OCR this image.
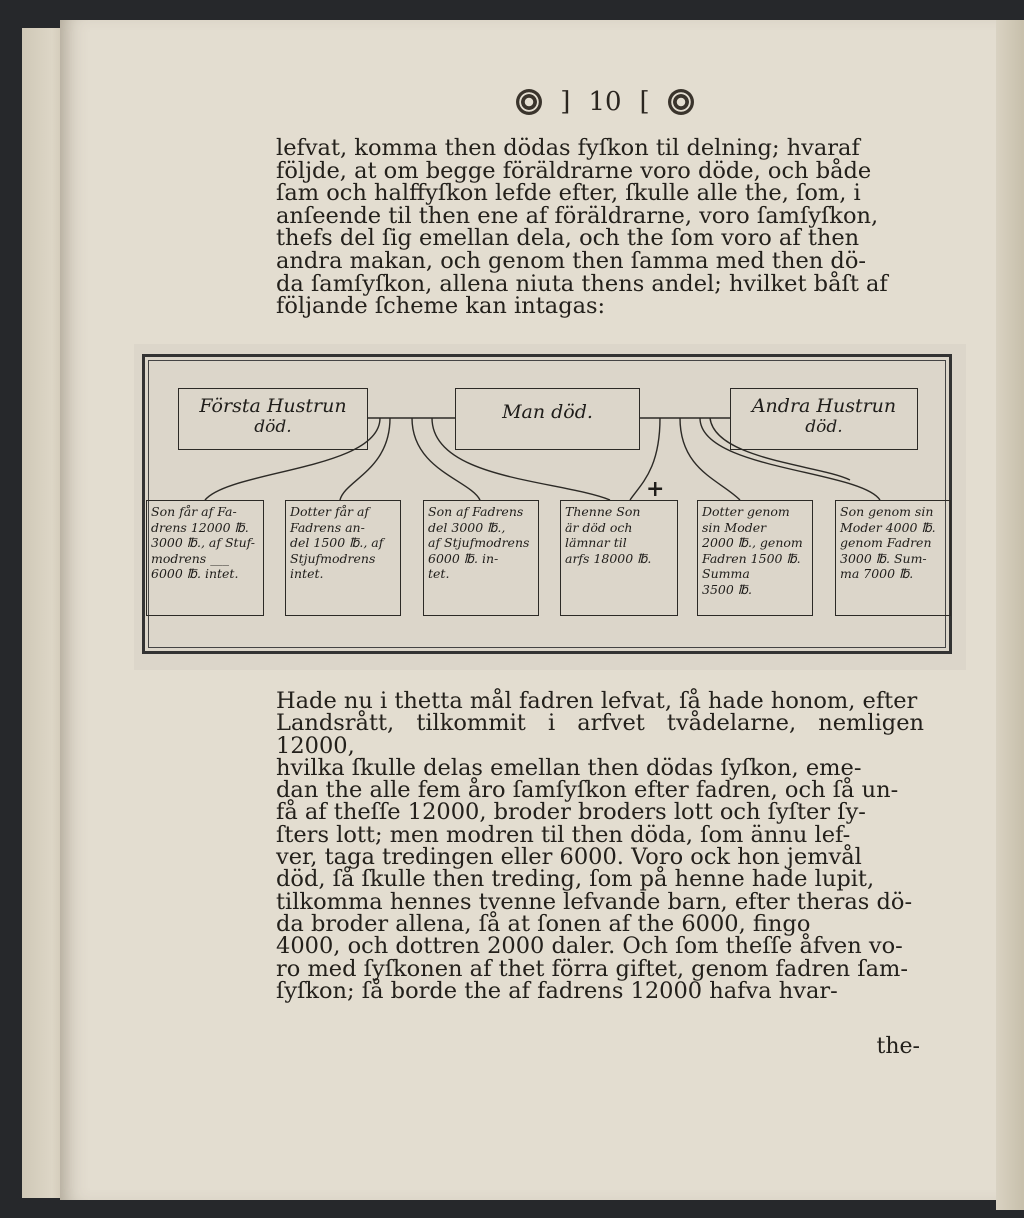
] 10 [
lefvat, komma then dödas fyſkon til delning; hvaraf
följde, at om begge föräldrarne voro döde, och både
ſam och halffyſkon lefde efter, ſkulle alle the, ſom, i
anſeende til then ene af föräldrarne, voro ſamſyſkon,
thefs del ſig emellan dela, och the ſom voro af then
andra makan, och genom then ſamma med then dö-
da ſamſyſkon, allena niuta thens andel; hvilket båſt af
följande ſcheme kan intagas:
Första Hustrun
död.
Man död.	Andra Hustrun
död.
+
Son får af Fa-
drens 12000 ℔.
3000 ℔., af Stuf-
modrens ___
6000 ℔. intet.
Dotter får af
Fadrens an-
del 1500 ℔., af
Stjufmodrens
intet.
Son af Fadrens
del 3000 ℔.,
af Stjufmodrens
6000 ℔. in-
tet.
Thenne Son
är död och
lämnar til
arfs 18000 ℔.
Dotter genom
sin Moder
2000 ℔., genom
Fadren 1500 ℔.
Summa
3500 ℔.
Son genom sin
Moder 4000 ℔.
genom Fadren
3000 ℔. Sum-
ma 7000 ℔.
Hade nu i thetta mål fadren lefvat, ſå hade honom, efter
Landsrått, tilkommit i arfvet tvådelarne, nemligen 12000,
hvilka ſkulle delas emellan then dödas ſyſkon, eme-
dan the alle fem åro ſamſyſkon efter fadren, och ſå un-
få af theſſe 12000, broder broders lott och ſyſter ſy-
ſters lott; men modren til then döda, ſom ännu lef-
ver, taga tredingen eller 6000. Voro ock hon jemvål
död, ſå ſkulle then treding, ſom på henne hade lupit,
tilkomma hennes tvenne lefvande barn, efter theras dö-
da broder allena, ſå at ſonen af the 6000, fingo
4000, och dottren 2000 daler. Och ſom theſſe åfven vo-
ro med ſyſkonen af thet förra giftet, genom fadren ſam-
ſyſkon; ſå borde the af fadrens 12000 hafva hvar-
the-
